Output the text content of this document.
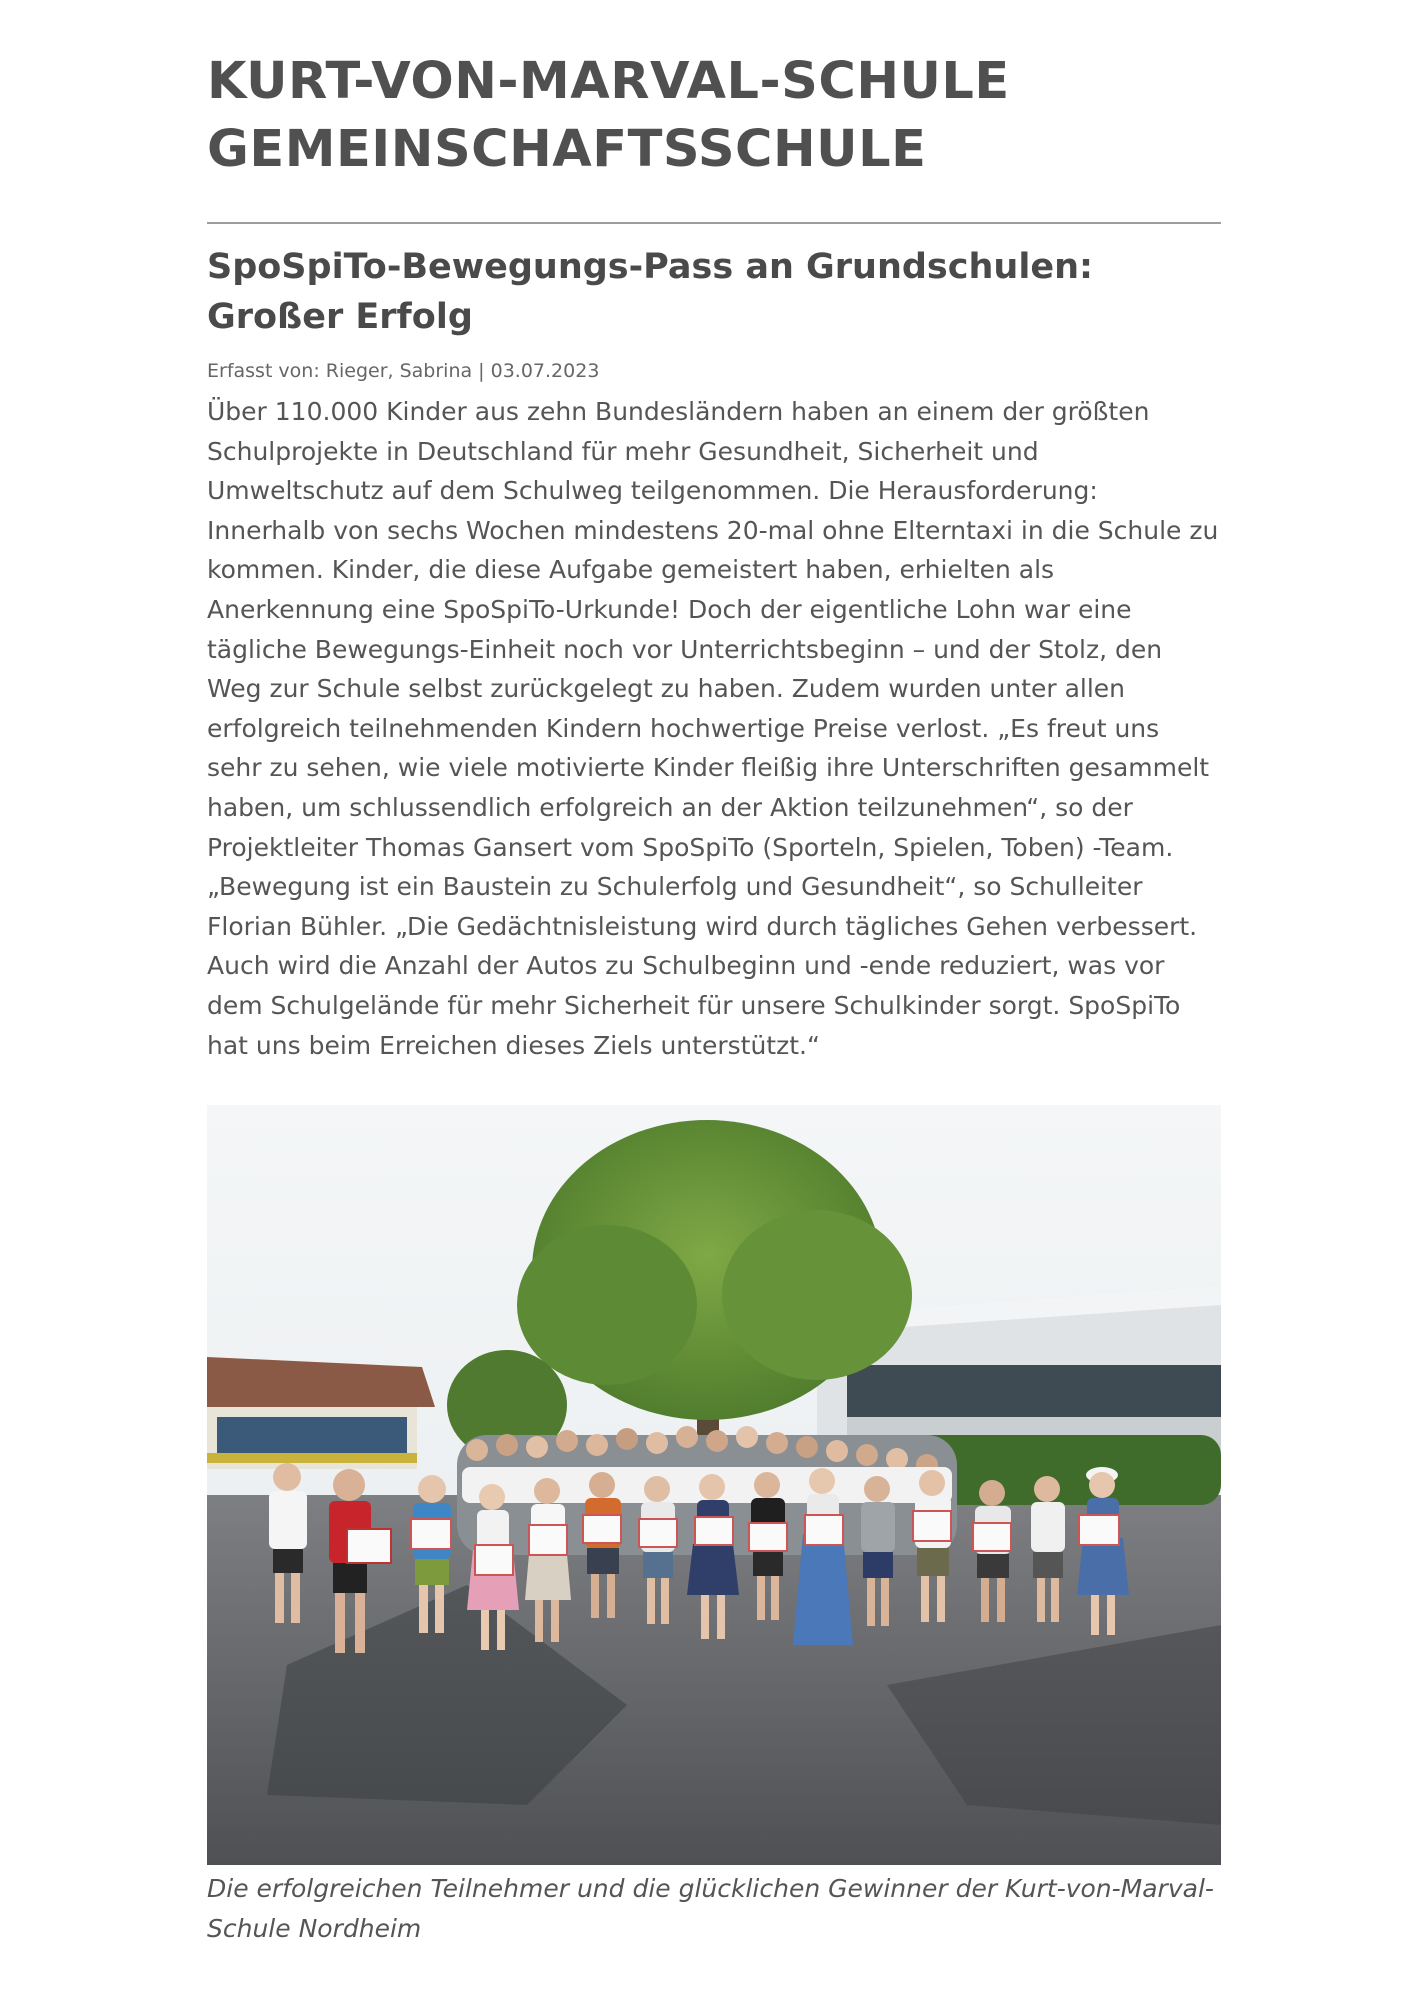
KURT-VON-MARVAL-SCHULE
GEMEINSCHAFTSSCHULE
SpoSpiTo-Bewegungs-Pass an Grundschulen: Großer Erfolg
Erfasst von: Rieger, Sabrina | 03.07.2023

Über 110.000 Kinder aus zehn Bundesländern haben an einem der größten Schulprojekte in Deutschland für mehr Gesundheit, Sicherheit und Umweltschutz auf dem Schulweg teilgenommen. Die Herausforderung: Innerhalb von sechs Wochen mindestens 20-mal ohne Elterntaxi in die Schule zu kommen. Kinder, die diese Aufgabe gemeistert haben, erhielten als Anerkennung eine SpoSpiTo-Urkunde! Doch der eigentliche Lohn war eine tägliche Bewegungs-Einheit noch vor Unterrichtsbeginn – und der Stolz, den Weg zur Schule selbst zurückgelegt zu haben. Zudem wurden unter allen erfolgreich teilnehmenden Kindern hochwertige Preise verlost. „Es freut uns sehr zu sehen, wie viele motivierte Kinder fleißig ihre Unterschriften gesammelt haben, um schlussendlich erfolgreich an der Aktion teilzunehmen“, so der Projektleiter Thomas Gansert vom SpoSpiTo (Sporteln, Spielen, Toben) -Team.

„Bewegung ist ein Baustein zu Schulerfolg und Gesundheit“, so Schulleiter Florian Bühler. „Die Gedächtnisleistung wird durch tägliches Gehen verbessert. Auch wird die Anzahl der Autos zu Schulbeginn und -ende reduziert, was vor dem Schulgelände für mehr Sicherheit für unsere Schulkinder sorgt. SpoSpiTo hat uns beim Erreichen dieses Ziels unterstützt.“

Die erfolgreichen Teilnehmer und die glücklichen Gewinner der Kurt-von-Marval-Schule Nordheim
